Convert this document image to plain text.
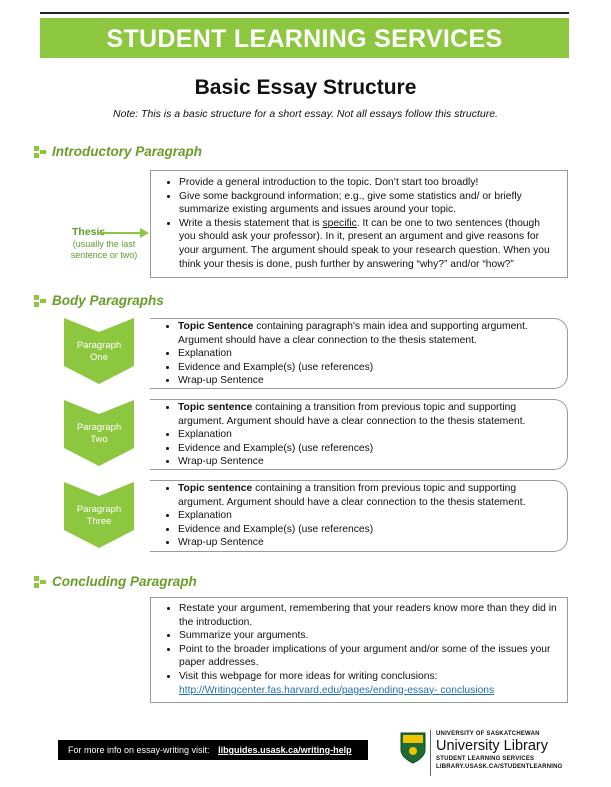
STUDENT LEARNING SERVICES
Basic Essay Structure
Note: This is a basic structure for a short essay. Not all essays follow this structure.
Introductory Paragraph
Thesis
(usually the last
sentence or two)
• Provide a general introduction to the topic. Don’t start too broadly!
• Give some background information; e.g., give some statistics and/ or briefly summarize existing arguments and issues around your topic.
• Write a thesis statement that is specific. It can be one to two sentences (though you should ask your professor). In it, present an argument and give reasons for your argument. The argument should speak to your research question. When you think your thesis is done, push further by answering “why?” and/or “how?”
Body Paragraphs
Paragraph
One
• Topic Sentence containing paragraph's main idea and supporting argument. Argument should have a clear connection to the thesis statement.
• Explanation
• Evidence and Example(s) (use references)
• Wrap-up Sentence
Paragraph
Two
• Topic sentence containing a transition from previous topic and supporting argument. Argument should have a clear connection to the thesis statement.
• Explanation
• Evidence and Example(s) (use references)
• Wrap-up Sentence
Paragraph
Three
• Topic sentence containing a transition from previous topic and supporting argument. Argument should have a clear connection to the thesis statement.
• Explanation
• Evidence and Example(s) (use references)
• Wrap-up Sentence
Concluding Paragraph
• Restate your argument, remembering that your readers know more than they did in the introduction.
• Summarize your arguments.
• Point to the broader implications of your argument and/or some of the issues your paper addresses.
• Visit this webpage for more ideas for writing conclusions:
http://Writingcenter.fas.harvard.edu/pages/ending-essay- conclusions
For more info on essay-writing visit: libguides.usask.ca/writing-help
UNIVERSITY OF SASKATCHEWAN
University Library
STUDENT LEARNING SERVICES
LIBRARY.USASK.CA/STUDENTLEARNING
